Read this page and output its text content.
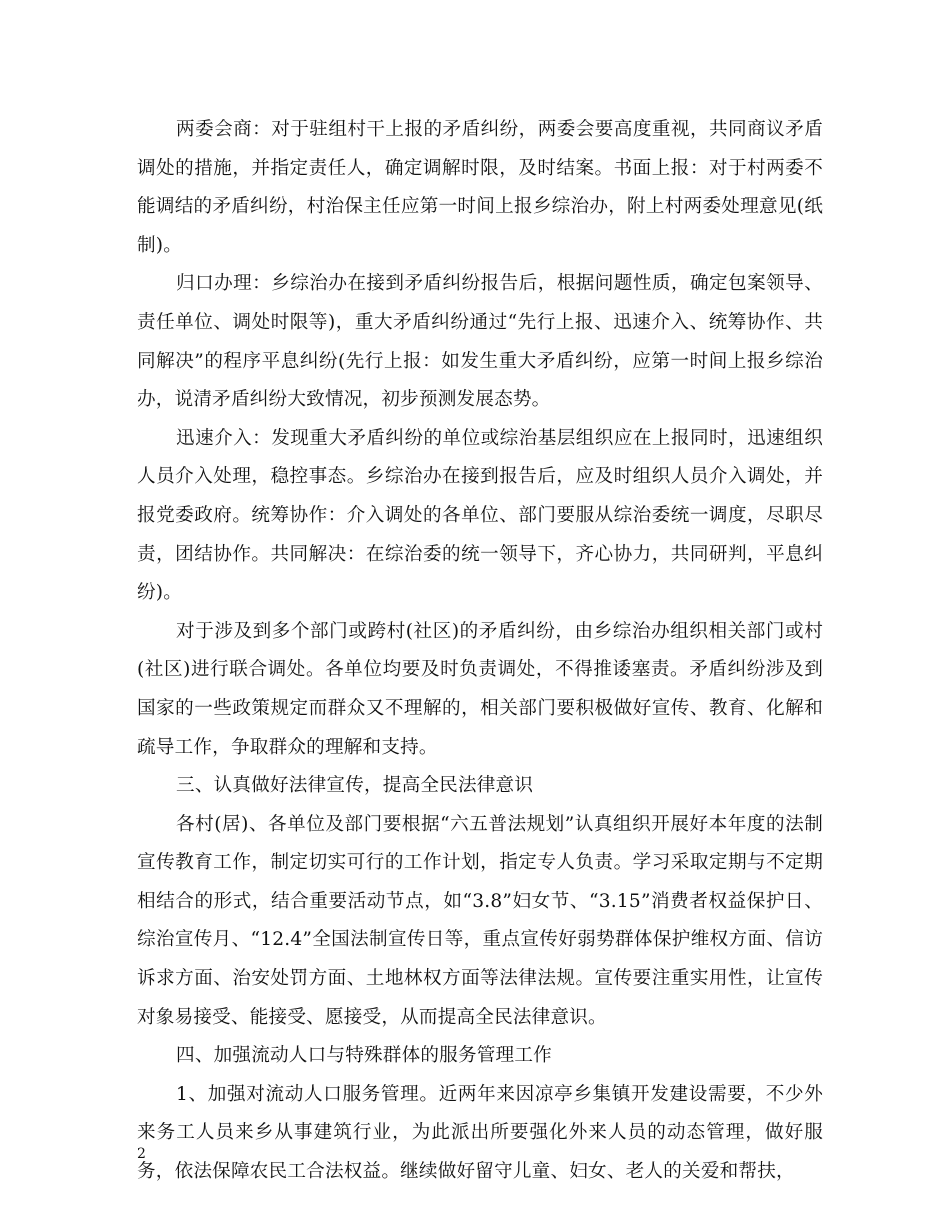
两委会商：对于驻组村干上报的矛盾纠纷，两委会要高度重视，共同商议矛盾调处的措施，并指定责任人，确定调解时限，及时结案。书面上报：对于村两委不能调结的矛盾纠纷，村治保主任应第一时间上报乡综治办，附上村两委处理意见(纸制)。

归口办理：乡综治办在接到矛盾纠纷报告后，根据问题性质，确定包案领导、责任单位、调处时限等)，重大矛盾纠纷通过“先行上报、迅速介入、统筹协作、共同解决”的程序平息纠纷(先行上报：如发生重大矛盾纠纷，应第一时间上报乡综治办，说清矛盾纠纷大致情况，初步预测发展态势。

迅速介入：发现重大矛盾纠纷的单位或综治基层组织应在上报同时，迅速组织人员介入处理，稳控事态。乡综治办在接到报告后，应及时组织人员介入调处，并报党委政府。统筹协作：介入调处的各单位、部门要服从综治委统一调度，尽职尽责，团结协作。共同解决：在综治委的统一领导下，齐心协力，共同研判，平息纠纷)。

对于涉及到多个部门或跨村(社区)的矛盾纠纷，由乡综治办组织相关部门或村(社区)进行联合调处。各单位均要及时负责调处，不得推诿塞责。矛盾纠纷涉及到国家的一些政策规定而群众又不理解的，相关部门要积极做好宣传、教育、化解和疏导工作，争取群众的理解和支持。

三、认真做好法律宣传，提高全民法律意识

各村(居)、各单位及部门要根据“六五普法规划”认真组织开展好本年度的法制宣传教育工作，制定切实可行的工作计划，指定专人负责。学习采取定期与不定期相结合的形式，结合重要活动节点，如“3.8”妇女节、“3.15”消费者权益保护日、综治宣传月、“12.4”全国法制宣传日等，重点宣传好弱势群体保护维权方面、信访诉求方面、治安处罚方面、土地林权方面等法律法规。宣传要注重实用性，让宣传对象易接受、能接受、愿接受，从而提高全民法律意识。

四、加强流动人口与特殊群体的服务管理工作

1、加强对流动人口服务管理。近两年来因凉亭乡集镇开发建设需要，不少外来务工人员来乡从事建筑行业，为此派出所要强化外来人员的动态管理，做好服务，依法保障农民工合法权益。继续做好留守儿童、妇女、老人的关爱和帮扶，

2
